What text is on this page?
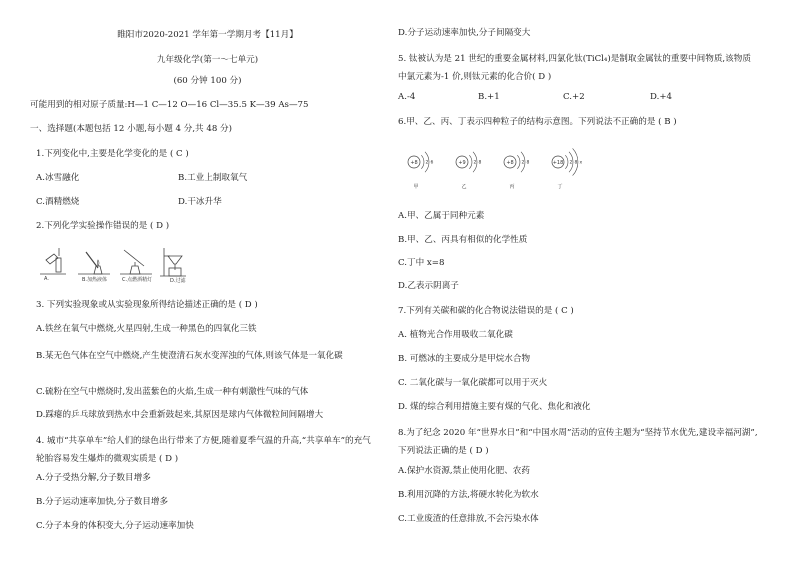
睢阳市2020-2021 学年第一学期月考【11月】
九年级化学(第一～七单元)
(60 分钟 100 分)
可能用到的相对原子质量:H—1 C—12 O—16 Cl—35.5 K—39 As—75
一、选择题(本题包括 12 小题,每小题 4 分,共 48 分)
1.下列变化中,主要是化学变化的是 ( C )
A.冰雪融化	B.工业上制取氧气
C.酒精燃烧	D.干冰升华
2.下列化学实验操作错误的是 ( D )
A.	B.加热液体	C.点燃酒精灯	D.过滤
3. 下列实验现象或从实验现象所得结论描述正确的是 ( D )
A.铁丝在氧气中燃烧,火星四射,生成一种黑色的四氧化三铁
B.某无色气体在空气中燃烧,产生使澄清石灰水变浑浊的气体,则该气体是一氧化碳
C.硫粉在空气中燃烧时,发出蓝紫色的火焰,生成一种有刺激性气味的气体
D.踩瘪的乒乓球放到热水中会重新鼓起来,其原因是球内气体微粒间间隔增大
4. 城市“共享单车”给人们的绿色出行带来了方便,随着夏季气温的升高,“共享单车”的充气轮胎容易发生爆炸的微观实质是 ( D )
A.分子受热分解,分子数目增多
B.分子运动速率加快,分子数目增多
C.分子本身的体积变大,分子运动速率加快
D.分子运动速率加快,分子间隔变大
5. 钛被认为是 21 世纪的重要金属材料,四氯化钛(TiCl₄)是制取金属钛的重要中间物质,该物质中氯元素为-1 价,则钛元素的化合价( D )
A.-4	B.+1	C.+2	D.+4
6.甲、乙、丙、丁表示四种粒子的结构示意图。下列说法不正确的是 ( B )
+8 2 6
甲
+9 2 8
乙
+8 2 8
丙
+18 2 8 x
丁
A.甲、乙属于同种元素
B.甲、乙、丙具有相似的化学性质
C.丁中 x=8
D.乙表示阴离子
7.下列有关碳和碳的化合物说法错误的是 ( C )
A. 植物光合作用吸收二氧化碳
B. 可燃冰的主要成分是甲烷水合物
C. 二氧化碳与一氧化碳都可以用于灭火
D. 煤的综合利用措施主要有煤的气化、焦化和液化
8.为了纪念 2020 年“世界水日”和“中国水周”活动的宣传主题为“坚持节水优先,建设幸福河湖”,下列说法正确的是 ( D )
A.保护水资源,禁止使用化肥、农药
B.利用沉降的方法,将硬水转化为软水
C.工业废渣的任意排放,不会污染水体
